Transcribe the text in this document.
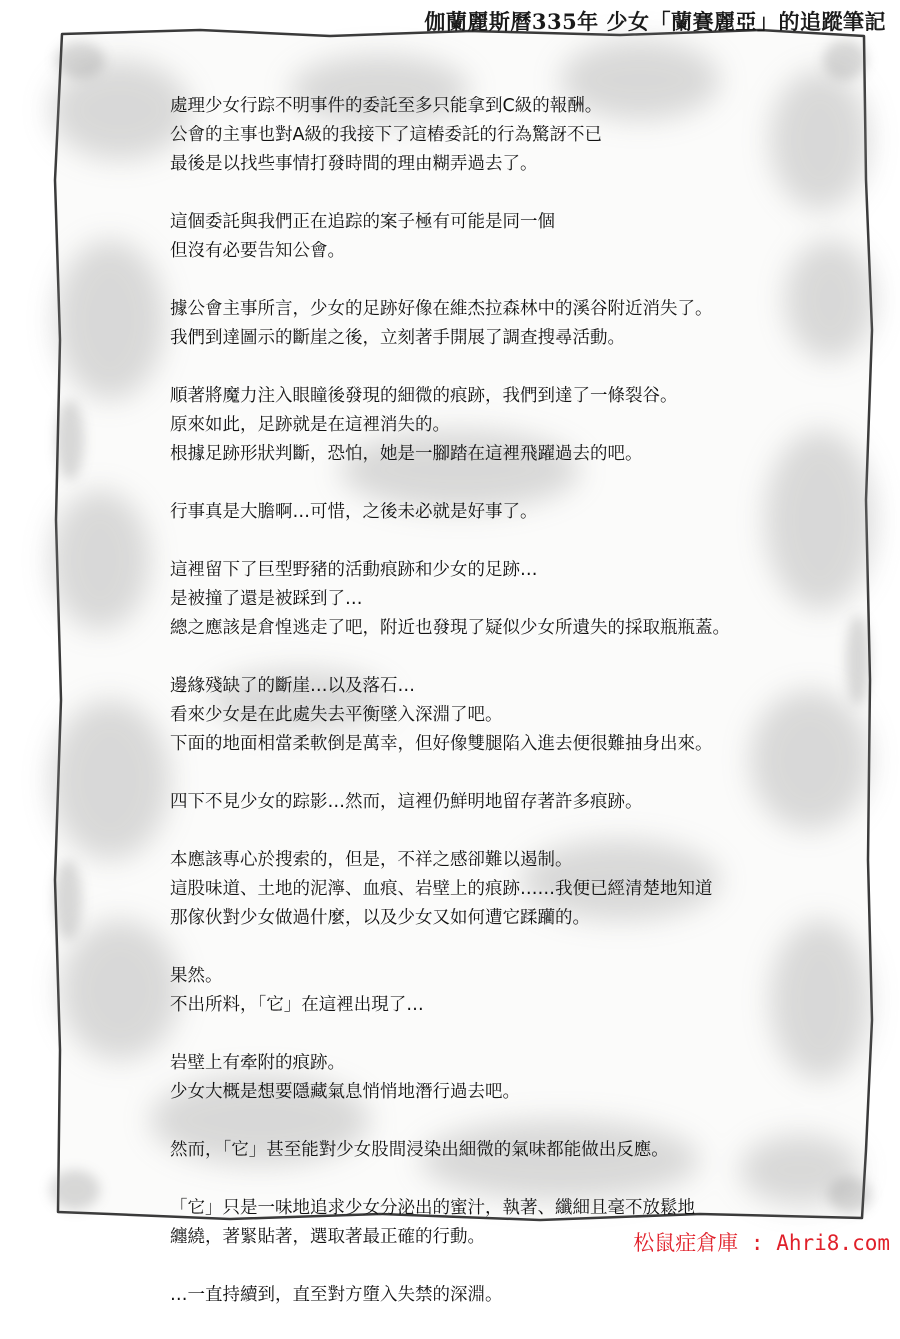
伽蘭麗斯曆335年 少女「蘭賽麗亞」的追蹤筆記
處理少女行踪不明事件的委託至多只能拿到C級的報酬。
公會的主事也對A級的我接下了這樁委託的行為驚訝不已
最後是以找些事情打發時間的理由糊弄過去了。
這個委託與我們正在追踪的案子極有可能是同一個
但沒有必要告知公會。
據公會主事所言，少女的足跡好像在維杰拉森林中的溪谷附近消失了。
我們到達圖示的斷崖之後，立刻著手開展了調查搜尋活動。
順著將魔力注入眼瞳後發現的細微的痕跡，我們到達了一條裂谷。
原來如此，足跡就是在這裡消失的。
根據足跡形狀判斷，恐怕，她是一腳踏在這裡飛躍過去的吧。
行事真是大膽啊…可惜，之後未必就是好事了。
這裡留下了巨型野豬的活動痕跡和少女的足跡…
是被撞了還是被踩到了…
總之應該是倉惶逃走了吧，附近也發現了疑似少女所遺失的採取瓶瓶蓋。
邊緣殘缺了的斷崖…以及落石…
看來少女是在此處失去平衡墜入深淵了吧。
下面的地面相當柔軟倒是萬幸，但好像雙腿陷入進去便很難抽身出來。
四下不見少女的踪影…然而，這裡仍鮮明地留存著許多痕跡。
本應該專心於搜索的，但是，不祥之感卻難以遏制。
這股味道、土地的泥濘、血痕、岩壁上的痕跡……我便已經清楚地知道
那傢伙對少女做過什麼，以及少女又如何遭它蹂躪的。
果然。
不出所料，「它」在這裡出現了…
岩壁上有牽附的痕跡。
少女大概是想要隱藏氣息悄悄地潛行過去吧。
然而，「它」甚至能對少女股間浸染出細微的氣味都能做出反應。
「它」只是一味地追求少女分泌出的蜜汁，執著、纖細且毫不放鬆地
纏繞，著緊貼著，選取著最正確的行動。
…一直持續到，直至對方墮入失禁的深淵。
松鼠症倉庫 : Ahri8.com
